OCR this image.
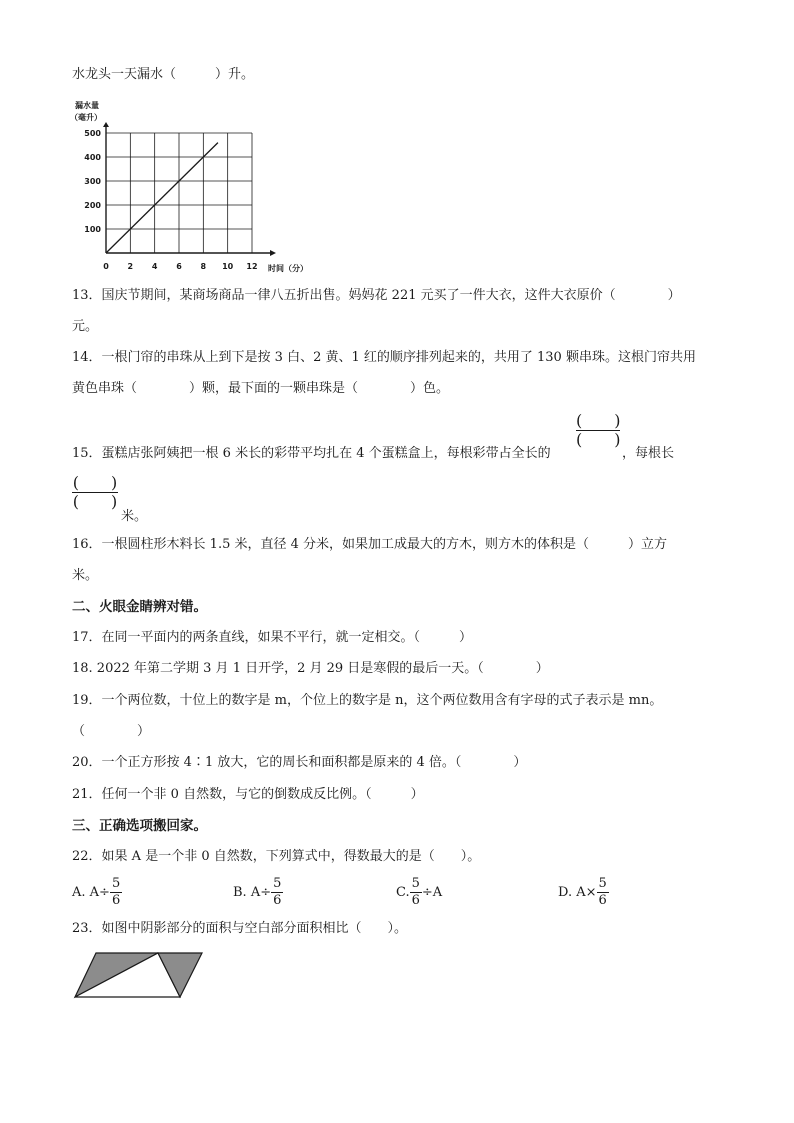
水龙头一天漏水（　　　）升。
漏水量
（毫升）
0 2 4 6 8 10 12
100
200
300
400
500
时间（分）
13．国庆节期间，某商场商品一律八五折出售。妈妈花 221 元买了一件大衣，这件大衣原价（　　　　）
元。
14．一根门帘的串珠从上到下是按 3 白、2 黄、1 红的顺序排列起来的，共用了 130 颗串珠。这根门帘共用
黄色串珠（　　　　）颗，最下面的一颗串珠是（　　　　）色。
15．蛋糕店张阿姨把一根 6 米长的彩带平均扎在 4 个蛋糕盒上，每根彩带占全长的
(　　)
(　　)
，每根长
(　　)
(　　)
米。
16．一根圆柱形木料长 1.5 米，直径 4 分米，如果加工成最大的方木，则方木的体积是（　　　）立方
米。
二、火眼金睛辨对错。
17．在同一平面内的两条直线，如果不平行，就一定相交。（　　　）
18. 2022 年第二学期 3 月 1 日开学，2 月 29 日是寒假的最后一天。（　　　　）
19．一个两位数，十位上的数字是 m，个位上的数字是 n，这个两位数用含有字母的式子表示是 mn。
（　　　　）
20．一个正方形按 4∶1 放大，它的周长和面积都是原来的 4 倍。（　　　　）
21．任何一个非 0 自然数，与它的倒数成反比例。（　　　）
三、正确选项搬回家。
22．如果 A 是一个非 0 自然数，下列算式中，得数最大的是（　　）。
A. $A\div \frac{5}{6}$	B. $A\div \frac{5}{6}$	C. $\frac{5}{6} \div A$	D. $A\times \frac{5}{6}$
23．如图中阴影部分的面积与空白部分面积相比（　　）。
